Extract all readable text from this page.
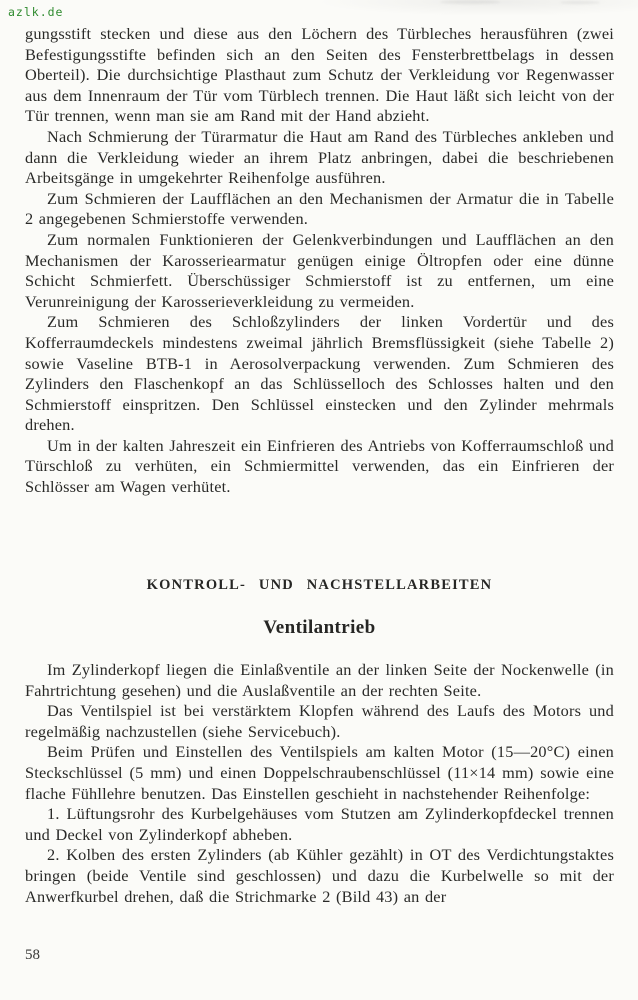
azlk.de

gungsstift stecken und diese aus den Löchern des Türbleches herausführen (zwei Befestigungsstifte befinden sich an den Seiten des Fensterbrettbelags in dessen Oberteil). Die durchsichtige Plasthaut zum Schutz der Verkleidung vor Regenwasser aus dem Innenraum der Tür vom Türblech trennen. Die Haut läßt sich leicht von der Tür trennen, wenn man sie am Rand mit der Hand abzieht.

Nach Schmierung der Türarmatur die Haut am Rand des Türbleches ankleben und dann die Verkleidung wieder an ihrem Platz anbringen, dabei die beschriebenen Arbeitsgänge in umgekehrter Reihenfolge ausführen.

Zum Schmieren der Laufflächen an den Mechanismen der Armatur die in Tabelle 2 angegebenen Schmierstoffe verwenden.

Zum normalen Funktionieren der Gelenkverbindungen und Laufflächen an den Mechanismen der Karosseriearmatur genügen einige Öltropfen oder eine dünne Schicht Schmierfett. Überschüssiger Schmierstoff ist zu entfernen, um eine Verunreinigung der Karosserieverkleidung zu vermeiden.

Zum Schmieren des Schloßzylinders der linken Vordertür und des Kofferraumdeckels mindestens zweimal jährlich Bremsflüssigkeit (siehe Tabelle 2) sowie Vaseline BTB-1 in Aerosolverpackung verwenden. Zum Schmieren des Zylinders den Flaschenkopf an das Schlüsselloch des Schlosses halten und den Schmierstoff einspritzen. Den Schlüssel einstecken und den Zylinder mehrmals drehen.

Um in der kalten Jahreszeit ein Einfrieren des Antriebs von Kofferraumschloß und Türschloß zu verhüten, ein Schmiermittel verwenden, das ein Einfrieren der Schlösser am Wagen verhütet.

KONTROLL- UND NACHSTELLARBEITEN
Ventilantrieb

Im Zylinderkopf liegen die Einlaßventile an der linken Seite der Nockenwelle (in Fahrtrichtung gesehen) und die Auslaßventile an der rechten Seite.

Das Ventilspiel ist bei verstärktem Klopfen während des Laufs des Motors und regelmäßig nachzustellen (siehe Servicebuch).

Beim Prüfen und Einstellen des Ventilspiels am kalten Motor (15—20°C) einen Steckschlüssel (5 mm) und einen Doppelschraubenschlüssel (11×14 mm) sowie eine flache Fühllehre benutzen. Das Einstellen geschieht in nachstehender Reihenfolge:

1. Lüftungsrohr des Kurbelgehäuses vom Stutzen am Zylinderkopfdeckel trennen und Deckel von Zylinderkopf abheben.

2. Kolben des ersten Zylinders (ab Kühler gezählt) in OT des Verdichtungstaktes bringen (beide Ventile sind geschlossen) und dazu die Kurbelwelle so mit der Anwerfkurbel drehen, daß die Strichmarke 2 (Bild 43) an der

58
